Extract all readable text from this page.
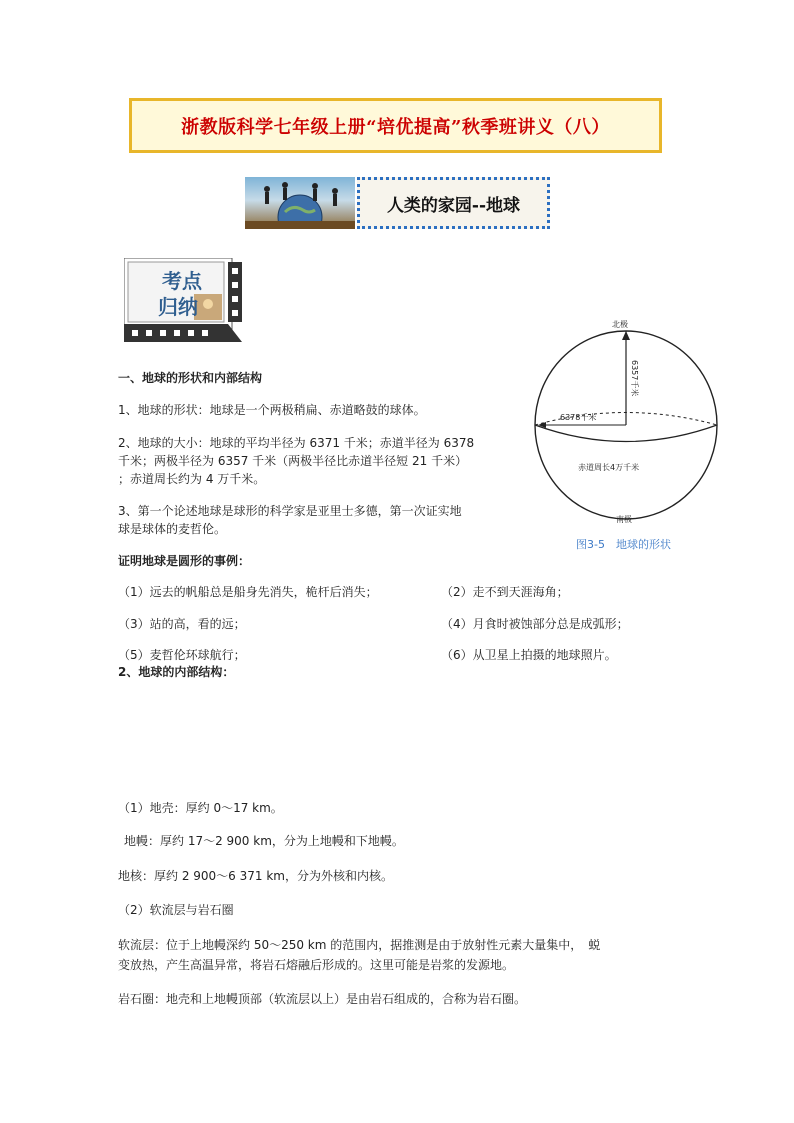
浙教版科学七年级上册“培优提高”秋季班讲义（八）
人类的家园--地球
考点
归纳
北极
南极
6378千米
6357千米
赤道周长4万千米
图3-5　地球的形状
一、地球的形状和内部结构
1、地球的形状：地球是一个两极稍扁、赤道略鼓的球体。
2、地球的大小：地球的平均半径为 6371 千米；赤道半径为 6378
千米；两极半径为 6357 千米（两极半径比赤道半径短 21 千米）
；赤道周长约为 4 万千米。
3、第一个论述地球是球形的科学家是亚里士多德，第一次证实地
球是球体的麦哲伦。
证明地球是圆形的事例：
（1）远去的帆船总是船身先消失，桅杆后消失；	（2）走不到天涯海角；
（3）站的高，看的远；	（4）月食时被蚀部分总是成弧形；
（5）麦哲伦环球航行；	（6）从卫星上拍摄的地球照片。
2、地球的内部结构：
（1）地壳：厚约 0～17 km。
地幔：厚约 17～2 900 km，分为上地幔和下地幔。
地核：厚约 2 900～6 371 km，分为外核和内核。
（2）软流层与岩石圈
软流层：位于上地幔深约 50～250 km 的范围内，据推测是由于放射性元素大量集中，　蜕
变放热，产生高温异常，将岩石熔融后形成的。这里可能是岩浆的发源地。
岩石圈：地壳和上地幔顶部（软流层以上）是由岩石组成的，合称为岩石圈。
